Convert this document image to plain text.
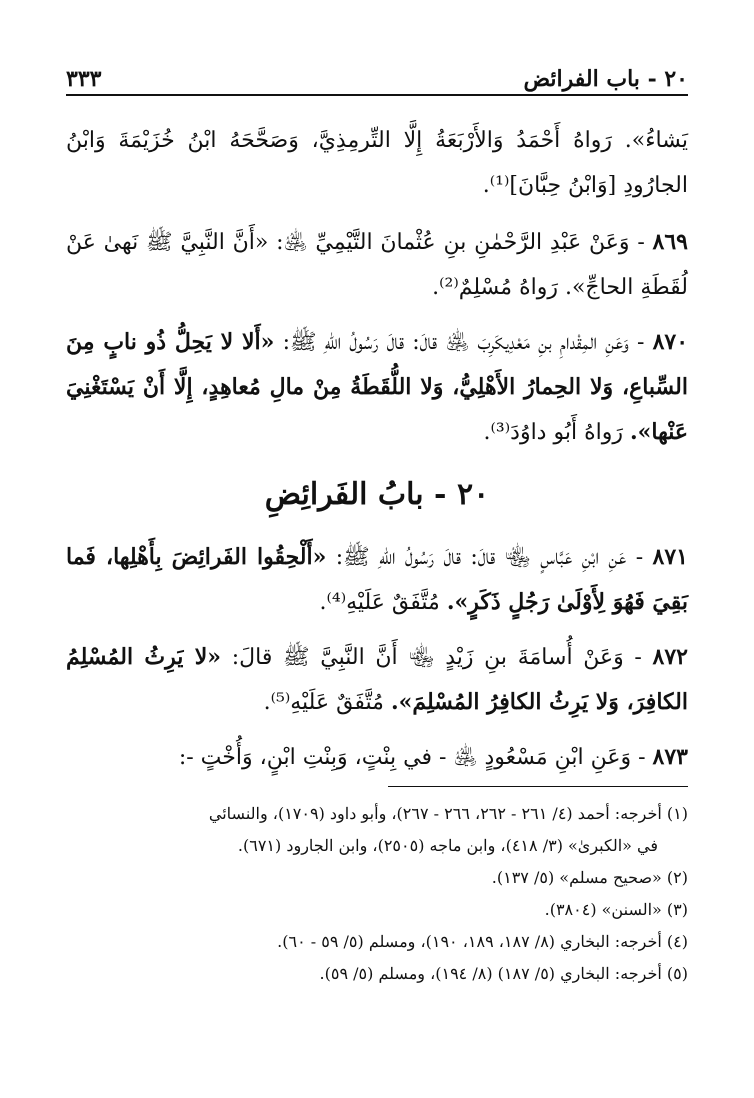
٢٠ - باب الفرائض
٣٣٣

يَشاءُ». رَواهُ أَحْمَدُ وَالأَرْبَعَةُ إِلَّا التِّرمِذِيَّ، وَصَحَّحَهُ ابْنُ خُزَيْمَةَ وَابْنُ الجارُودِ [وَابْنُ حِبَّانَ]⁽¹⁾.

٨٦٩ - وَعَنْ عَبْدِ الرَّحْمٰنِ بنِ عُثْمانَ التَّيْمِيِّ ﵁: «أَنَّ النَّبِيَّ ﷺ نَهىٰ عَنْ لُقَطَةِ الحاجِّ». رَواهُ مُسْلِمٌ⁽²⁾.

٨٧٠ - وَعَنِ المِقْدامِ بنِ مَعْدِيكَرِبَ ﵁ قالَ: قالَ رَسُولُ اللهِ ﷺ: «أَلا لا يَحِلُّ ذُو نابٍ مِنَ السِّباعِ، وَلا الحِمارُ الأَهْلِيُّ، وَلا اللُّقَطَةُ مِنْ مالِ مُعاهِدٍ، إِلَّا أَنْ يَسْتَغْنِيَ عَنْها». رَواهُ أَبُو داوُدَ⁽³⁾.

٢٠ - بابُ الفَرائِضِ

٨٧١ - عَنِ ابْنِ عَبَّاسٍ ﵄ قالَ: قالَ رَسُولُ اللهِ ﷺ: «أَلْحِقُوا الفَرائِضَ بِأَهْلِها، فَما بَقِيَ فَهُوَ لِأَوْلَىٰ رَجُلٍ ذَكَرٍ». مُتَّفَقٌ عَلَيْهِ⁽⁴⁾.

٨٧٢ - وَعَنْ أُسامَةَ بنِ زَيْدٍ ﵄ أَنَّ النَّبِيَّ ﷺ قالَ: «لا يَرِثُ المُسْلِمُ الكافِرَ، وَلا يَرِثُ الكافِرُ المُسْلِمَ». مُتَّفَقٌ عَلَيْهِ⁽⁵⁾.

٨٧٣ - وَعَنِ ابْنِ مَسْعُودٍ ﵁ - في بِنْتٍ، وَبِنْتِ ابْنٍ، وَأُخْتٍ -:

(١) أخرجه: أحمد (٤/ ٢٦١ - ٢٦٢، ٢٦٦ - ٢٦٧)، وأبو داود (١٧٠٩)، والنسائي

في «الكبرىٰ» (٣/ ٤١٨)، وابن ماجه (٢٥٠٥)، وابن الجارود (٦٧١).

(٢) «صحيح مسلم» (٥/ ١٣٧).

(٣) «السنن» (٣٨٠٤).

(٤) أخرجه: البخاري (٨/ ١٨٧، ١٨٩، ١٩٠)، ومسلم (٥/ ٥٩ - ٦٠).

(٥) أخرجه: البخاري (٥/ ١٨٧) (٨/ ١٩٤)، ومسلم (٥/ ٥٩).
